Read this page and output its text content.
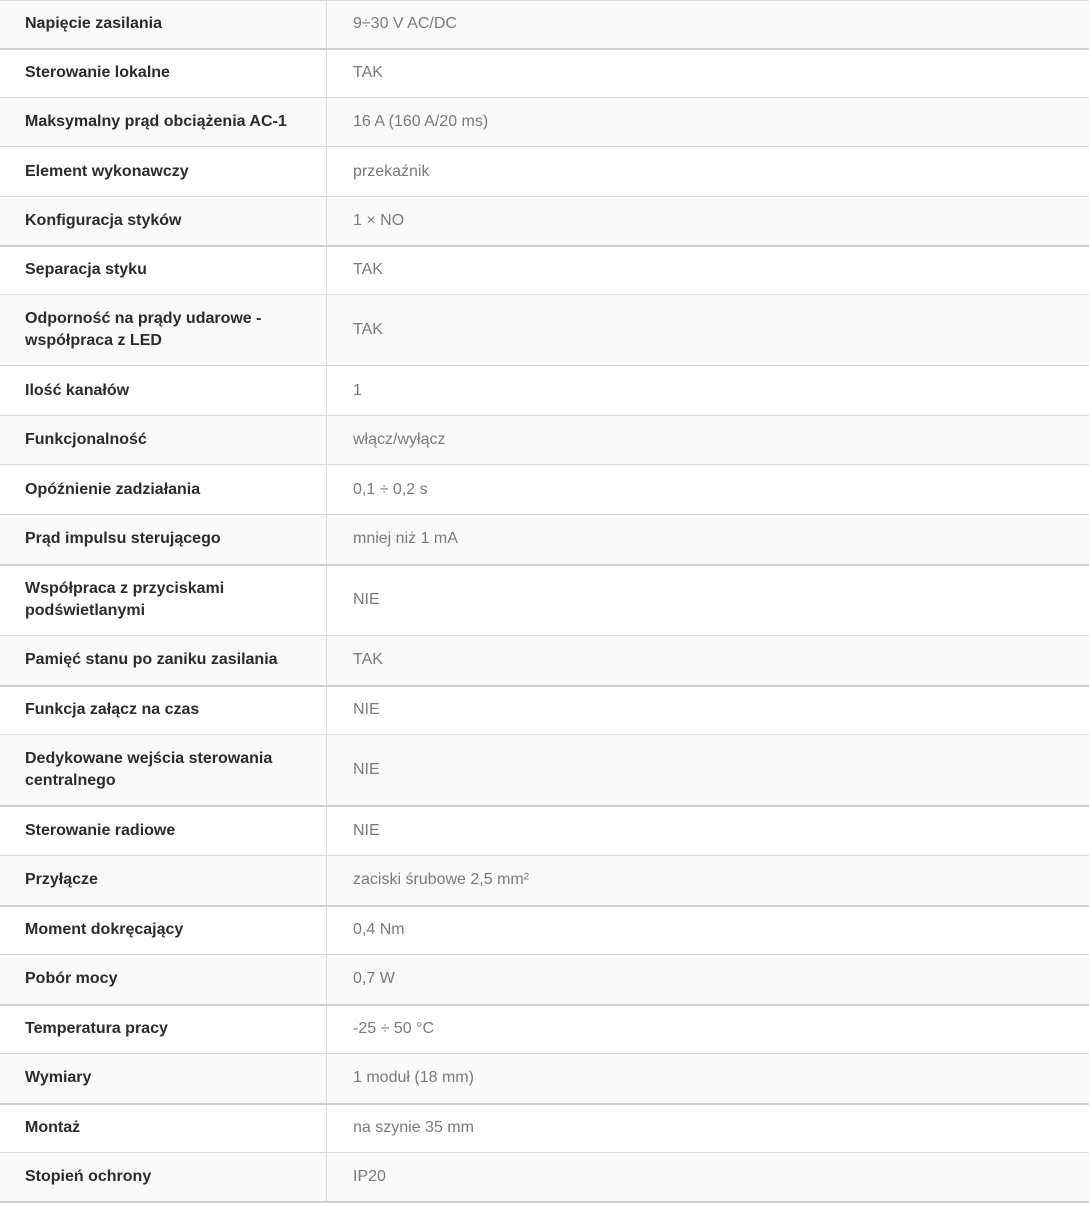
Napięcie zasilania	9÷30 V AC/DC
Sterowanie lokalne	TAK
Maksymalny prąd obciążenia AC-1	16 A (160 A/20 ms)
Element wykonawczy	przekaźnik
Konfiguracja styków	1 × NO
Separacja styku	TAK
Odporność na prądy udarowe - współpraca z LED	TAK
Ilość kanałów	1
Funkcjonalność	włącz/wyłącz
Opóźnienie zadziałania	0,1 ÷ 0,2 s
Prąd impulsu sterującego	mniej niż 1 mA
Współpraca z przyciskami podświetlanymi	NIE
Pamięć stanu po zaniku zasilania	TAK
Funkcja załącz na czas	NIE
Dedykowane wejścia sterowania centralnego	NIE
Sterowanie radiowe	NIE
Przyłącze	zaciski śrubowe 2,5 mm²
Moment dokręcający	0,4 Nm
Pobór mocy	0,7 W
Temperatura pracy	-25 ÷ 50 °C
Wymiary	1 moduł (18 mm)
Montaż	na szynie 35 mm
Stopień ochrony	IP20
